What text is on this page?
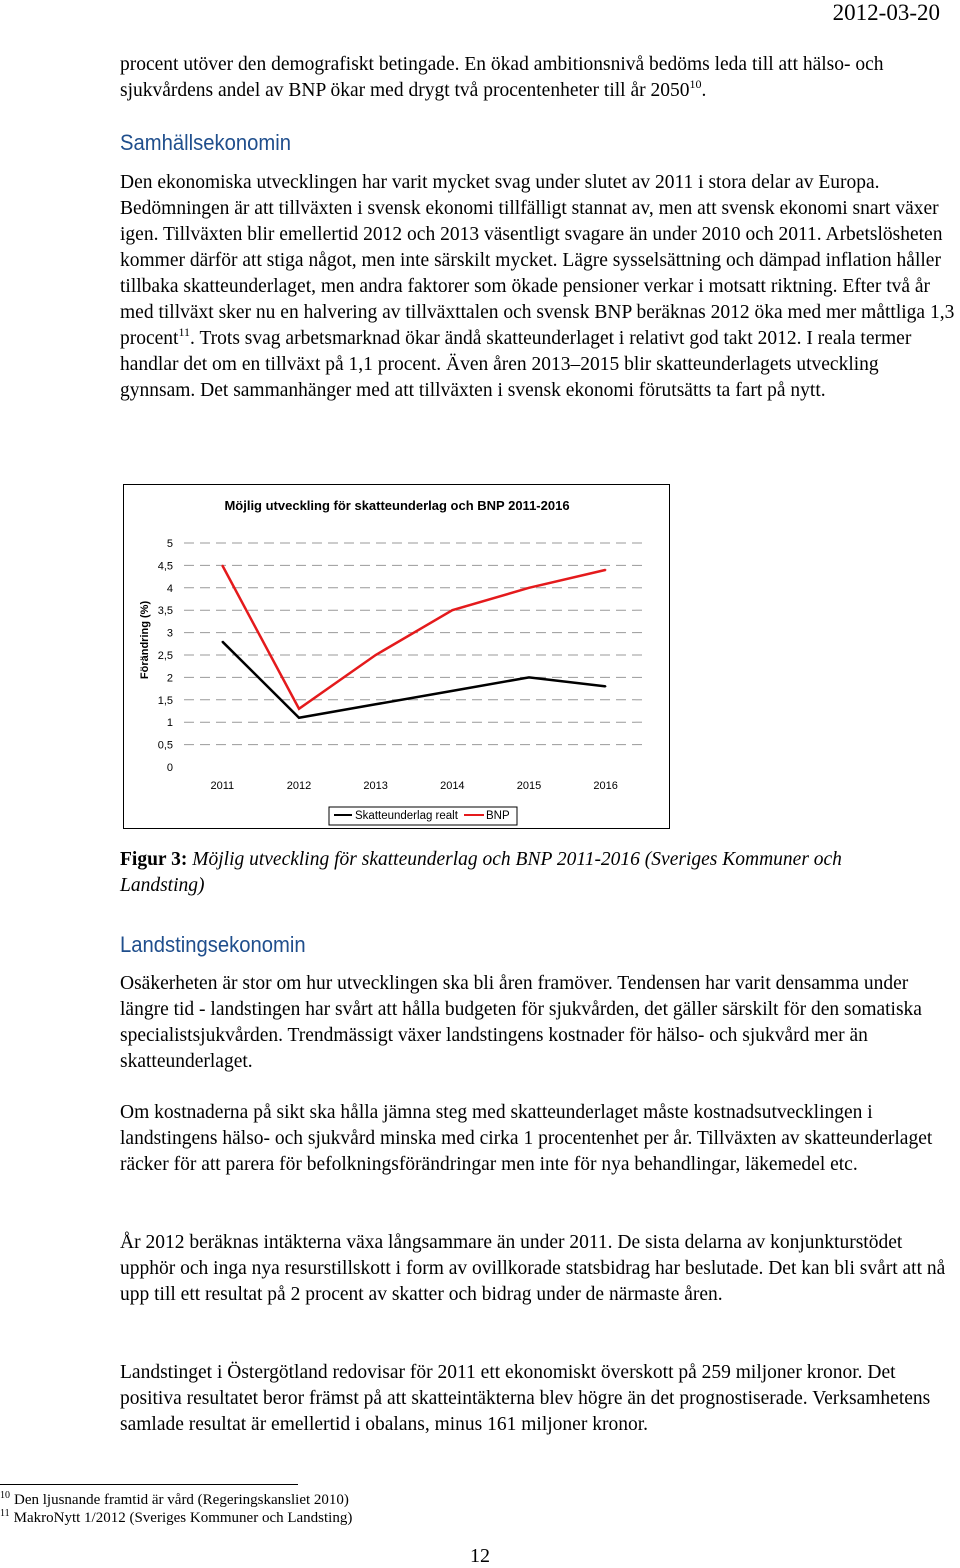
2012-03-20

procent utöver den demografiskt betingade. En ökad ambitionsnivå bedöms leda till att hälso- och sjukvårdens andel av BNP ökar med drygt två procentenheter till år 2050$^{10}$.

Samhällsekonomin

Den ekonomiska utvecklingen har varit mycket svag under slutet av 2011 i stora delar av Europa. Bedömningen är att tillväxten i svensk ekonomi tillfälligt stannat av, men att svensk ekonomi snart växer igen. Tillväxten blir emellertid 2012 och 2013 väsentligt svagare än under 2010 och 2011. Arbetslösheten kommer därför att stiga något, men inte särskilt mycket. Lägre sysselsättning och dämpad inflation håller tillbaka skatteunderlaget, men andra faktorer som ökade pensioner verkar i motsatt riktning. Efter två år med tillväxt sker nu en halvering av tillväxttalen och svensk BNP beräknas 2012 öka med mer måttliga 1,3 procent$^{11}$. Trots svag arbetsmarknad ökar ändå skatteunderlaget i relativt god takt 2012. I reala termer handlar det om en tillväxt på 1,1 procent. Även åren 2013–2015 blir skatteunderlagets utveckling gynnsam. Det sammanhänger med att tillväxten i svensk ekonomi förutsätts ta fart på nytt.

Möjlig utveckling för skatteunderlag och BNP 2011-2016
Förändring (%)
0
0,5
1
1,5
2
2,5
3
3,5
4
4,5
5
2011	2012	2013	2014	2015	2016
Skatteunderlag realt BNP

Figur 3: Möjlig utveckling för skatteunderlag och BNP 2011-2016 (Sveriges Kommuner och Landsting)

Landstingsekonomin

Osäkerheten är stor om hur utvecklingen ska bli åren framöver. Tendensen har varit densamma under längre tid - landstingen har svårt att hålla budgeten för sjukvården, det gäller särskilt för den somatiska specialistsjukvården. Trendmässigt växer landstingens kostnader för hälso- och sjukvård mer än skatteunderlaget.

Om kostnaderna på sikt ska hålla jämna steg med skatteunderlaget måste kostnadsutvecklingen i landstingens hälso- och sjukvård minska med cirka 1 procentenhet per år. Tillväxten av skatteunderlaget räcker för att parera för befolkningsförändringar men inte för nya behandlingar, läkemedel etc.

År 2012 beräknas intäkterna växa långsammare än under 2011. De sista delarna av konjunkturstödet upphör och inga nya resurstillskott i form av ovillkorade statsbidrag har beslutade. Det kan bli svårt att nå upp till ett resultat på 2 procent av skatter och bidrag under de närmaste åren.

Landstinget i Östergötland redovisar för 2011 ett ekonomiskt överskott på 259 miljoner kronor. Det positiva resultatet beror främst på att skatteintäkterna blev högre än det prognostiserade. Verksamhetens samlade resultat är emellertid i obalans, minus 161 miljoner kronor.

$^{10}$ Den ljusnande framtid är vård (Regeringskansliet 2010)
$^{11}$ MakroNytt 1/2012 (Sveriges Kommuner och Landsting)
12
